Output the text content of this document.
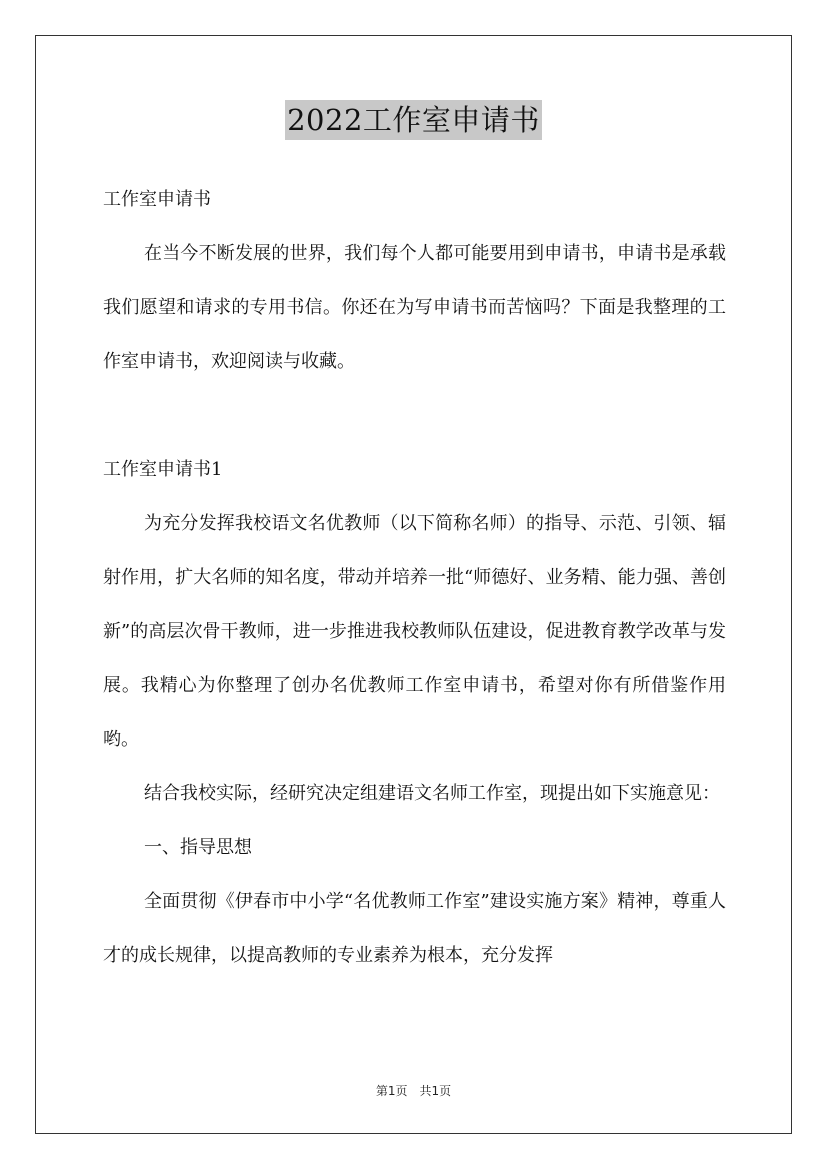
2022工作室申请书

工作室申请书

在当今不断发展的世界，我们每个人都可能要用到申请书，申请书是承载我们愿望和请求的专用书信。你还在为写申请书而苦恼吗？下面是我整理的工作室申请书，欢迎阅读与收藏。

工作室申请书1

为充分发挥我校语文名优教师（以下简称名师）的指导、示范、引领、辐射作用，扩大名师的知名度，带动并培养一批“师德好、业务精、能力强、善创新”的高层次骨干教师，进一步推进我校教师队伍建设，促进教育教学改革与发展。我精心为你整理了创办名优教师工作室申请书，希望对你有所借鉴作用哟。

结合我校实际，经研究决定组建语文名师工作室，现提出如下实施意见：

一、指导思想

全面贯彻《伊春市中小学“名优教师工作室”建设实施方案》精神，尊重人才的成长规律，以提高教师的专业素养为根本，充分发挥

第1页 共1页
